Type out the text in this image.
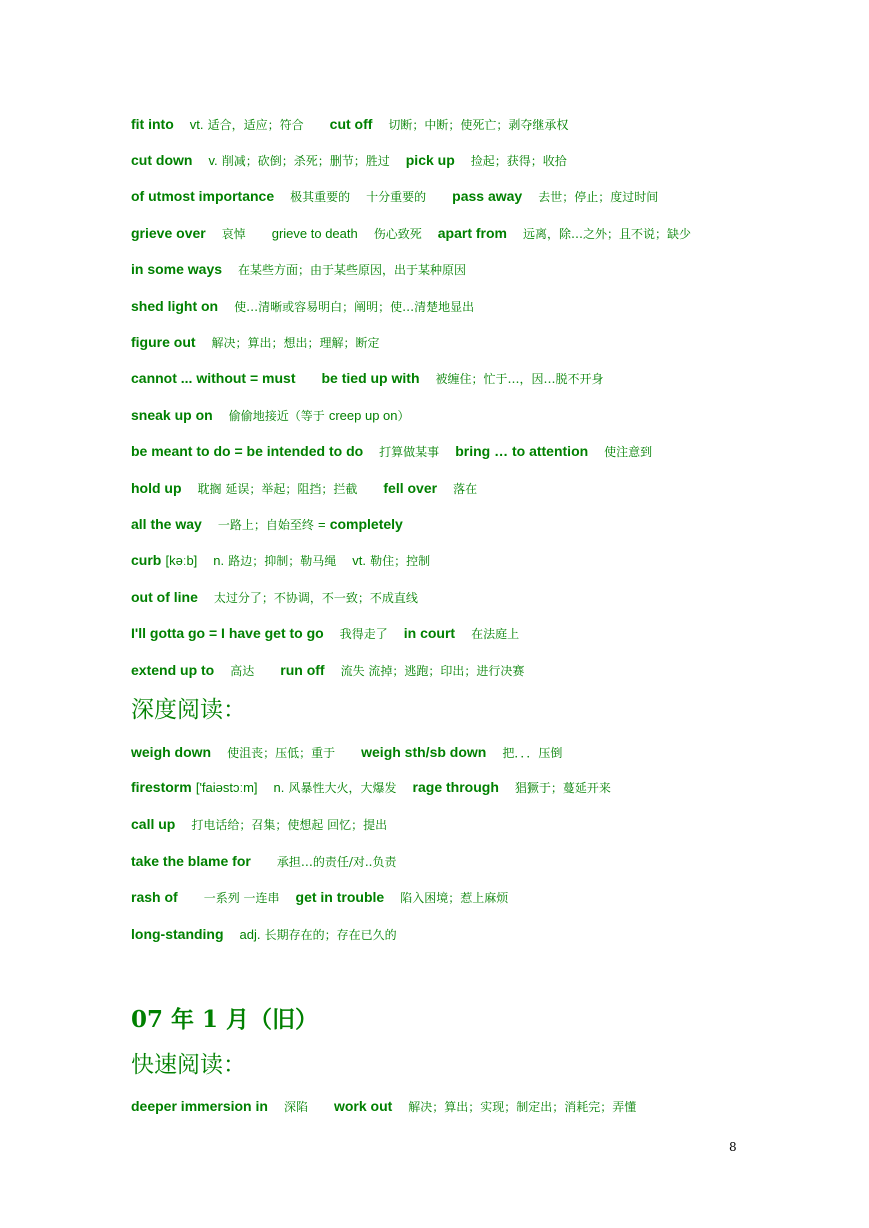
fit into vt. 适合，适应；符合 cut off 切断；中断；使死亡；剥夺继承权
cut down v. 削减；砍倒；杀死；删节；胜过 pick up 捡起；获得；收拾
of utmost importance 极其重要的 十分重要的 pass away 去世；停止；度过时间
grieve over 哀悼 grieve to death 伤心致死 apart from 远离，除…之外；且不说；缺少
in some ways 在某些方面；由于某些原因，出于某种原因
shed light on 使…清晰或容易明白；阐明；使…清楚地显出
figure out 解决；算出；想出；理解；断定
cannot ... without = must be tied up with 被缠住；忙于…，因…脱不开身
sneak up on 偷偷地接近（等于 creep up on）
be meant to do = be intended to do 打算做某事 bring … to attention 使注意到
hold up 耽搁 延误；举起；阻挡；拦截 fell over 落在
all the way 一路上；自始至终 = completely
curb [kəːb] n. 路边；抑制；勒马绳 vt. 勒住；控制
out of line 太过分了；不协调，不一致；不成直线
I'll gotta go = I have get to go 我得走了 in court 在法庭上
extend up to 高达 run off 流失 流掉；逃跑；印出；进行决赛
深度阅读：
weigh down 使沮丧；压低；重于 weigh sth/sb down 把．．．压倒
firestorm ['faiəstɔːm] n. 风暴性大火，大爆发 rage through 猖獗于；蔓延开来
call up 打电话给；召集；使想起 回忆；提出
take the blame for 承担…的责任/对..负责
rash of 一系列 一连串 get in trouble 陷入困境；惹上麻烦
long-standing adj. 长期存在的；存在已久的
07 年 1 月（旧）
快速阅读：
deeper immersion in 深陷 work out 解决；算出；实现；制定出；消耗完；弄懂
8
